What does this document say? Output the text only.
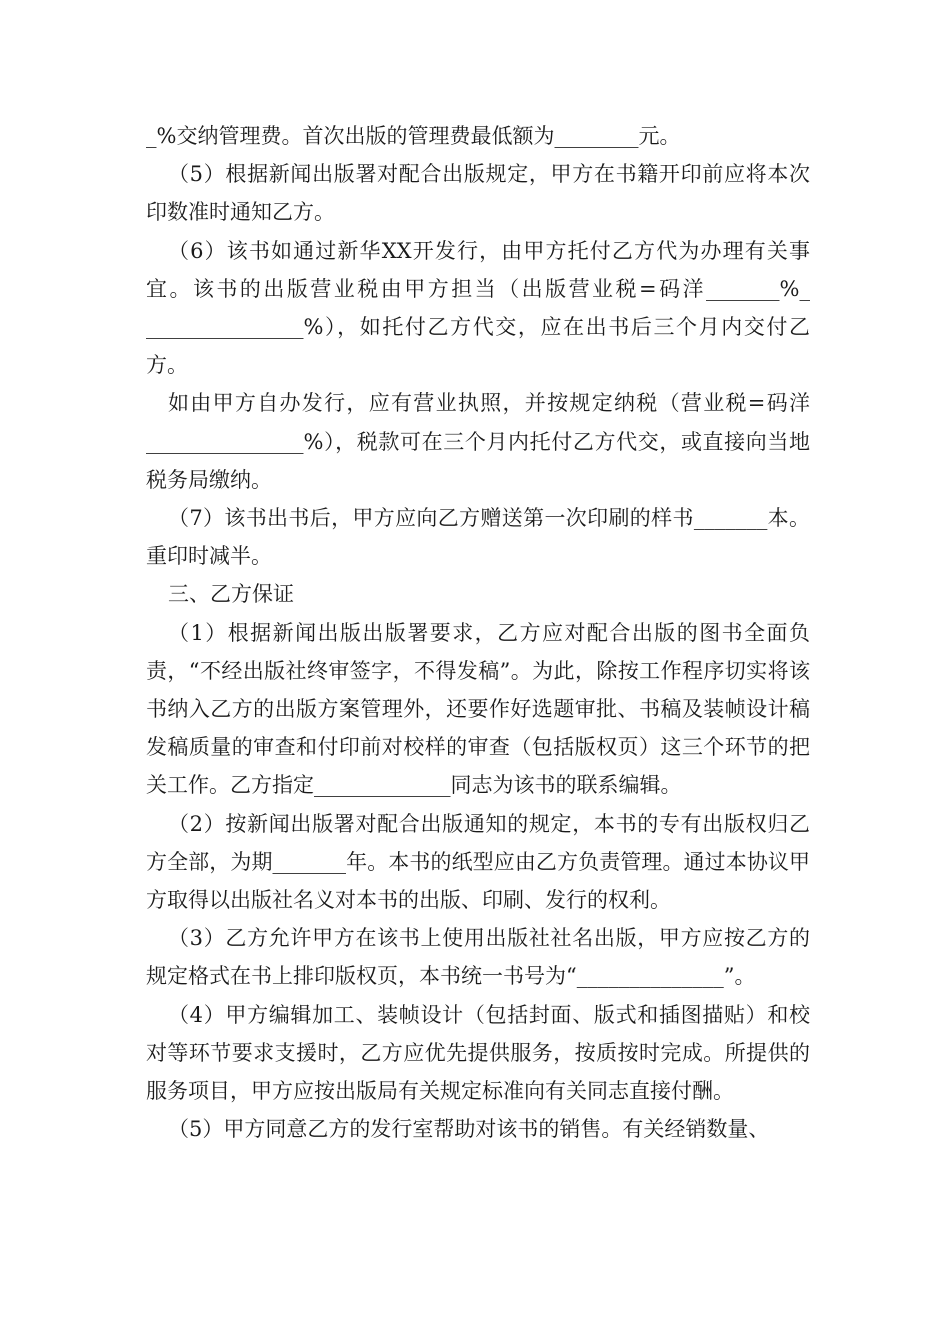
_%交纳管理费。首次出版的管理费最低额为________元。

（5）根据新闻出版署对配合出版规定，甲方在书籍开印前应将本次印数准时通知乙方。

（6）该书如通过新华XX开发行，由甲方托付乙方代为办理有关事宜。该书的出版营业税由甲方担当（出版营业税=码洋_______%_ _______________%），如托付乙方代交，应在出书后三个月内交付乙方。

如由甲方自办发行，应有营业执照，并按规定纳税（营业税=码洋_______________%），税款可在三个月内托付乙方代交，或直接向当地税务局缴纳。

（7）该书出书后，甲方应向乙方赠送第一次印刷的样书_______本。重印时减半。

三、乙方保证

（1）根据新闻出版出版署要求，乙方应对配合出版的图书全面负责，“不经出版社终审签字，不得发稿”。为此，除按工作程序切实将该书纳入乙方的出版方案管理外，还要作好选题审批、书稿及装帧设计稿发稿质量的审查和付印前对校样的审查（包括版权页）这三个环节的把关工作。乙方指定_____________同志为该书的联系编辑。

（2）按新闻出版署对配合出版通知的规定，本书的专有出版权归乙方全部，为期_______年。本书的纸型应由乙方负责管理。通过本协议甲方取得以出版社名义对本书的出版、印刷、发行的权利。

（3）乙方允许甲方在该书上使用出版社社名出版，甲方应按乙方的规定格式在书上排印版权页，本书统一书号为“______________”。

（4）甲方编辑加工、装帧设计（包括封面、版式和插图描贴）和校对等环节要求支援时，乙方应优先提供服务，按质按时完成。所提供的服务项目，甲方应按出版局有关规定标准向有关同志直接付酬。

（5）甲方同意乙方的发行室帮助对该书的销售。有关经销数量、
